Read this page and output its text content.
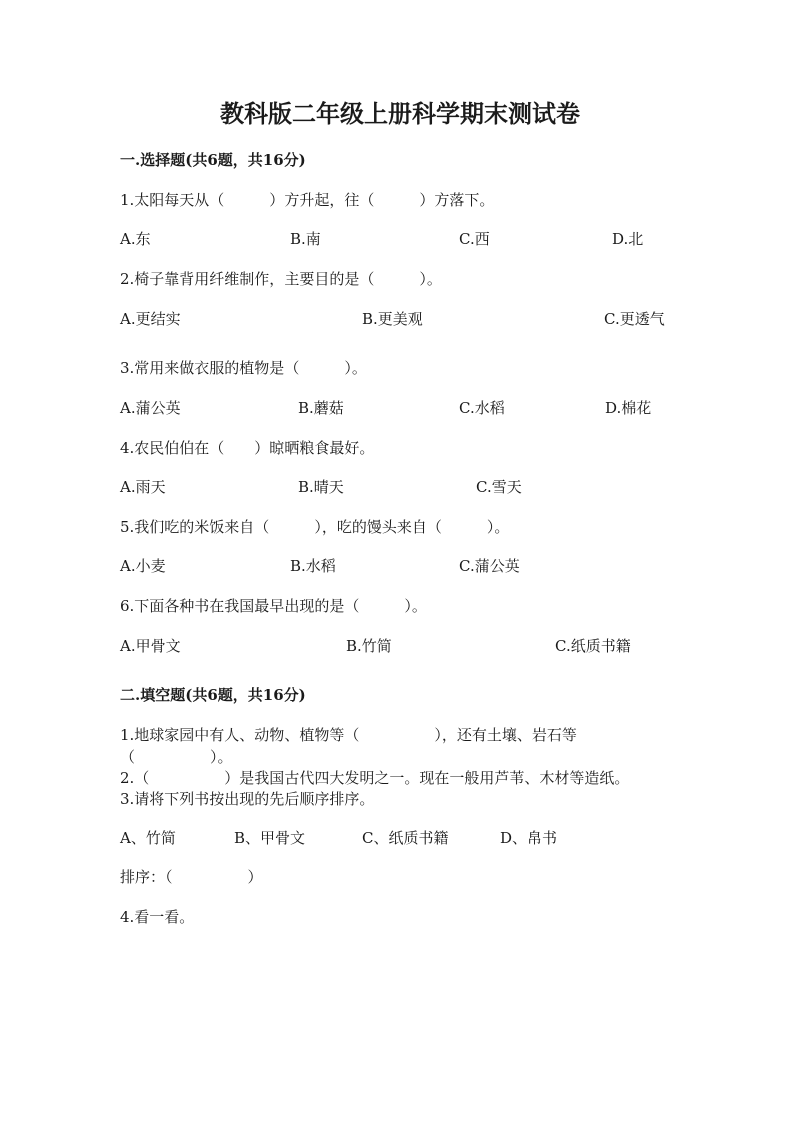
教科版二年级上册科学期末测试卷
一.选择题(共6题，共16分)
1.太阳每天从（　　　）方升起，往（　　　）方落下。
A.东	B.南	C.西	D.北
2.椅子靠背用纤维制作，主要目的是（　　　）。
A.更结实	B.更美观	C.更透气
3.常用来做衣服的植物是（　　　）。
A.蒲公英	B.蘑菇	C.水稻	D.棉花
4.农民伯伯在（　　）晾晒粮食最好。
A.雨天	B.晴天	C.雪天
5.我们吃的米饭来自（　　　），吃的馒头来自（　　　）。
A.小麦	B.水稻	C.蒲公英
6.下面各种书在我国最早出现的是（　　　）。
A.甲骨文	B.竹简	C.纸质书籍
二.填空题(共6题，共16分)
1.地球家园中有人、动物、植物等（　　　　　），还有土壤、岩石等
（　　　　　）。
2.（　　　　　）是我国古代四大发明之一。现在一般用芦苇、木材等造纸。
3.请将下列书按出现的先后顺序排序。
A、竹简	B、甲骨文	C、纸质书籍	D、帛书
排序：（　　　　　）
4.看一看。
